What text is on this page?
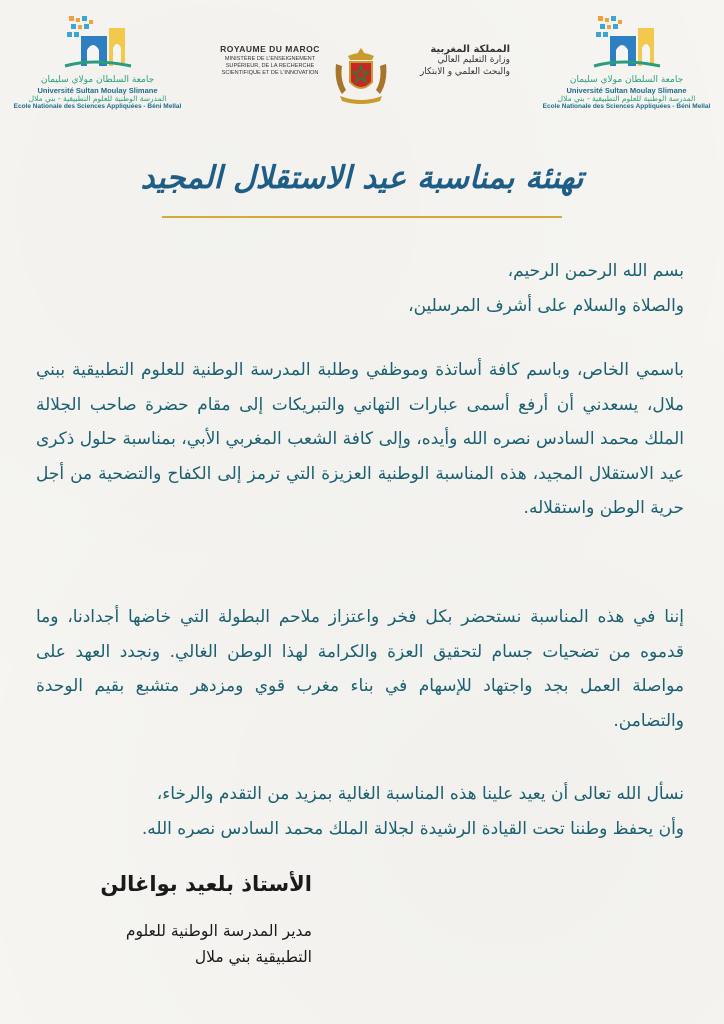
جامعة السلطان مولاي سليمان
Université Sultan Moulay Slimane
المدرسة الوطنية للعلوم التطبيقية - بني ملال
Ecole Nationale des Sciences Appliquées - Béni Mellal
ROYAUME DU MAROC
MINISTÈRE DE L'ENSEIGNEMENT
SUPÉRIEUR, DE LA RECHERCHE
SCIENTIFIQUE ET DE L'INNOVATION
المملكة المغربية
وزارة التعليم العالي
والبحث العلمي و الابتكار
جامعة السلطان مولاي سليمان
Université Sultan Moulay Slimane
المدرسة الوطنية للعلوم التطبيقية - بني ملال
Ecole Nationale des Sciences Appliquées - Béni Mellal
تهنئة بمناسبة عيد الاستقلال المجيد

بسم الله الرحمن الرحيم،

والصلاة والسلام على أشرف المرسلين،

باسمي الخاص، وباسم كافة أساتذة وموظفي وطلبة المدرسة الوطنية للعلوم التطبيقية ببني ملال، يسعدني أن أرفع أسمى عبارات التهاني والتبريكات إلى مقام حضرة صاحب الجلالة الملك محمد السادس نصره الله وأيده، وإلى كافة الشعب المغربي الأبي، بمناسبة حلول ذكرى عيد الاستقلال المجيد، هذه المناسبة الوطنية العزيزة التي ترمز إلى الكفاح والتضحية من أجل حرية الوطن واستقلاله.

إننا في هذه المناسبة نستحضر بكل فخر واعتزاز ملاحم البطولة التي خاضها أجدادنا، وما قدموه من تضحيات جسام لتحقيق العزة والكرامة لهذا الوطن الغالي. ونجدد العهد على مواصلة العمل بجد واجتهاد للإسهام في بناء مغرب قوي ومزدهر متشبع بقيم الوحدة والتضامن.

نسأل الله تعالى أن يعيد علينا هذه المناسبة الغالية بمزيد من التقدم والرخاء،

وأن يحفظ وطننا تحت القيادة الرشيدة لجلالة الملك محمد السادس نصره الله.

الأستاذ بلعيد بواغالن
مدير المدرسة الوطنية للعلوم
التطبيقية بني ملال
